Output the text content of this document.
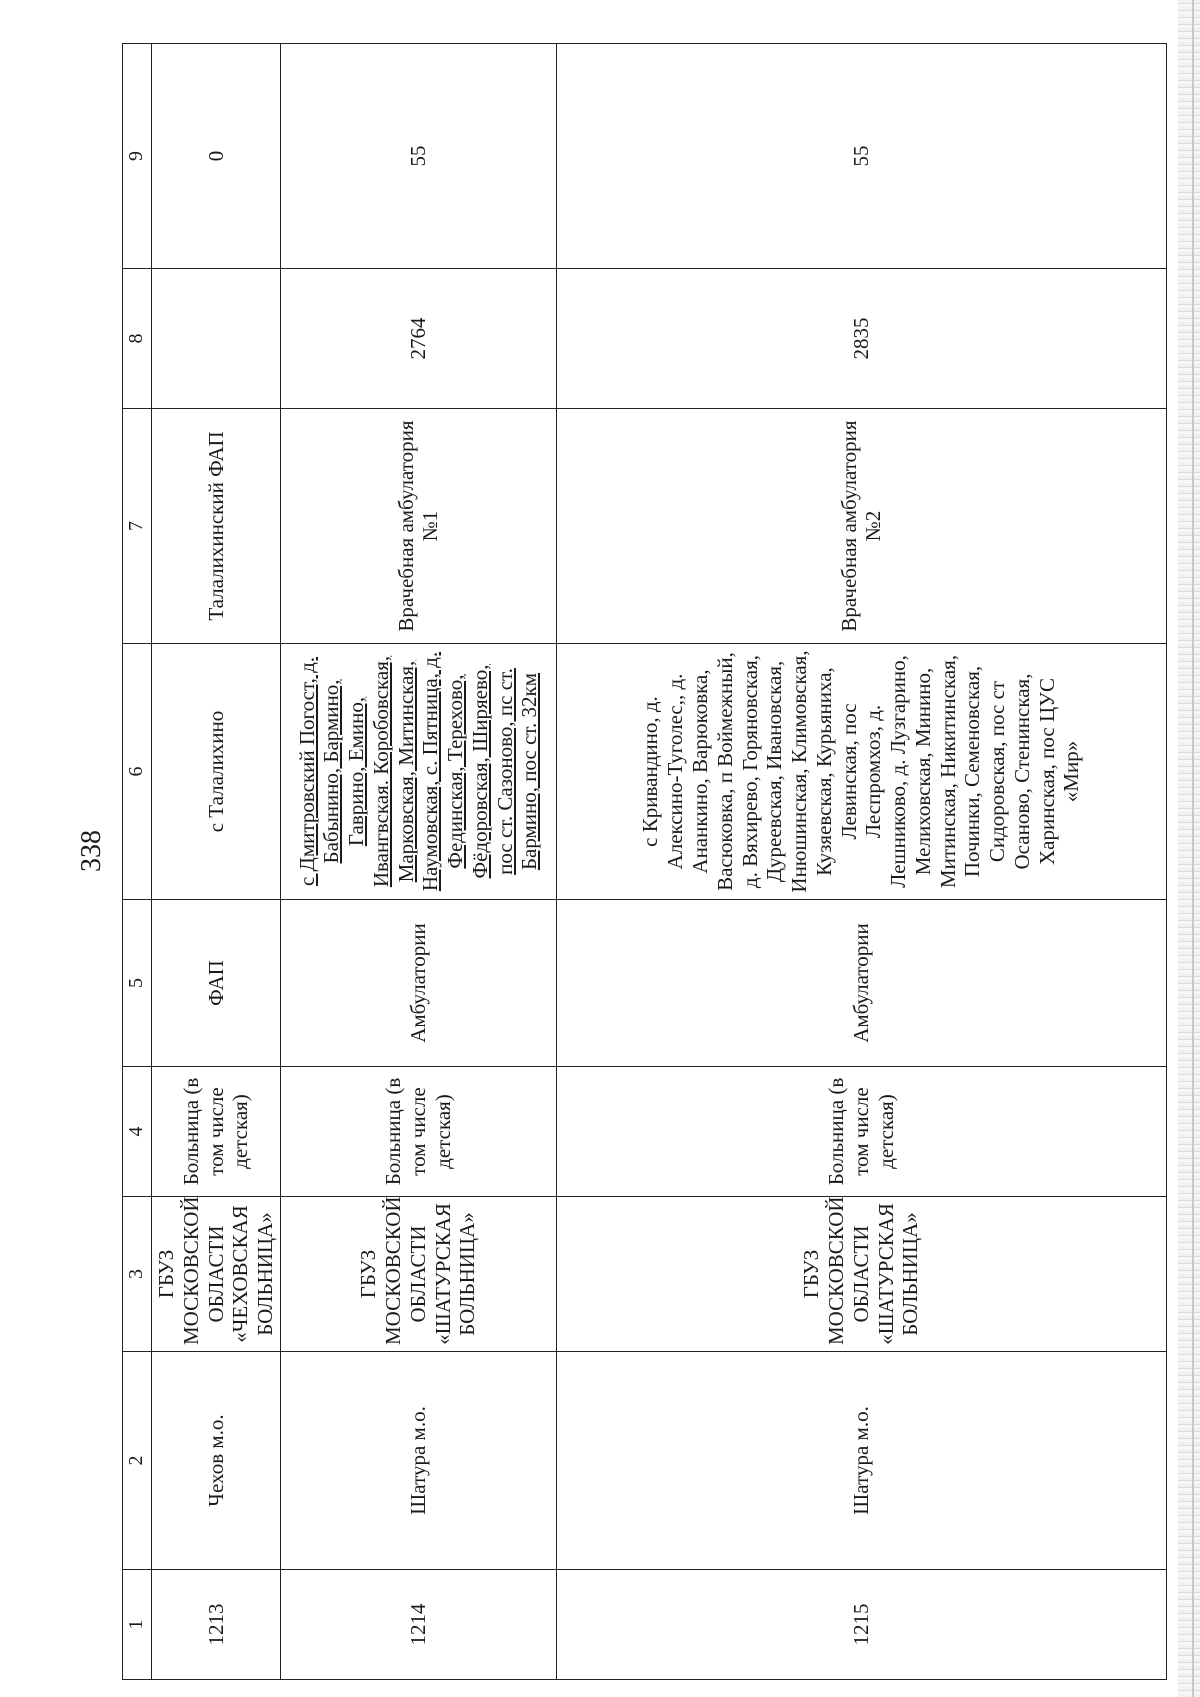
338
1	2	3	4	5	6	7	8	9
1213	Чехов м.о.	ГБУЗ МОСКОВСКОЙ ОБЛАСТИ «ЧЕХОВСКАЯ БОЛЬНИЦА»	Больница (в том числе детская)	ФАП	с Талалихино	Талалихинский ФАП		0
1214	Шатура м.о.	ГБУЗ МОСКОВСКОЙ ОБЛАСТИ «ШАТУРСКАЯ БОЛЬНИЦА»	Больница (в том числе детская)	Амбулатории	с Дмитровский Погост, д. Бабынино, Бармино, Гаврино, Емино, Ивангвская. Коробовская, Марковская, Митинская, Наумовская, с. Пятница, д. Фединская, Терехово, Фёдоровская, Ширяево, пос ст. Сазоново, пс ст. Бармино, пос ст. 32км	Врачебная амбулатория №1	2764	55
1215	Шатура м.о.	ГБУЗ МОСКОВСКОЙ ОБЛАСТИ «ШАТУРСКАЯ БОЛЬНИЦА»	Больница (в том числе детская)	Амбулатории	с Кривандино, д. Алексино-Туголес,, д. Ананкино, Варюковка, Васюковка, п Воймежный, д. Вяхирево, Горяновская, Дуреевская, Ивановская, Инюшинская, Климовская, Кузяевская, Курьяниха, Левинская, пос Леспромхоз, д. Лешниково, д. Лузгарино, Мелиховская, Минино, Митинская, Никитинская, Починки, Семеновская, Сидоровская, пос ст Осаново, Стенинская, Харинская, пос ЦУС «Мир»	Врачебная амбулатория №2	2835	55
